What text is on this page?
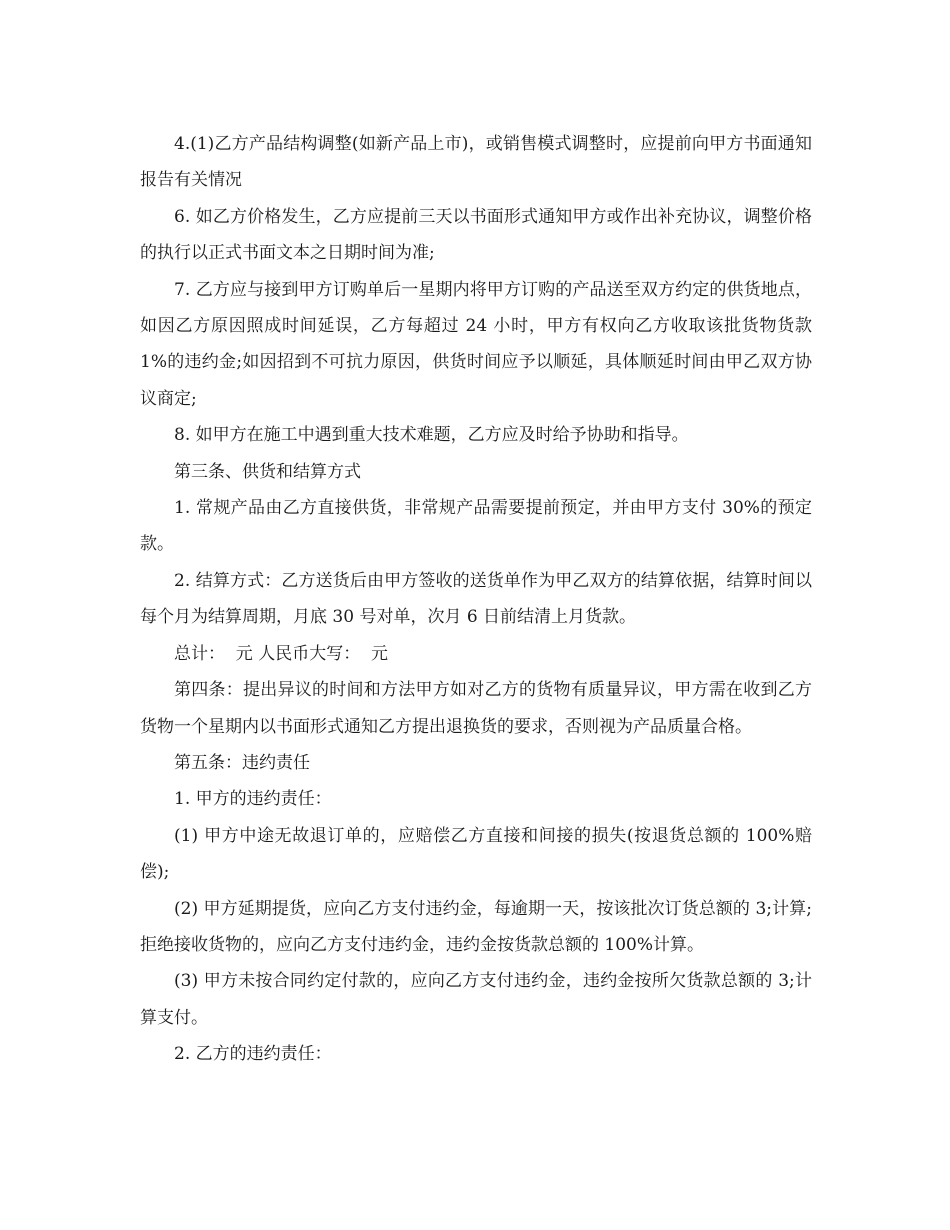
4.(1)乙方产品结构调整(如新产品上市)，或销售模式调整时，应提前向甲方书面通知报告有关情况

6. 如乙方价格发生，乙方应提前三天以书面形式通知甲方或作出补充协议，调整价格的执行以正式书面文本之日期时间为准;

7. 乙方应与接到甲方订购单后一星期内将甲方订购的产品送至双方约定的供货地点，如因乙方原因照成时间延误，乙方每超过 24 小时，甲方有权向乙方收取该批货物货款 1%的违约金;如因招到不可抗力原因，供货时间应予以顺延，具体顺延时间由甲乙双方协议商定;

8. 如甲方在施工中遇到重大技术难题，乙方应及时给予协助和指导。

第三条、供货和结算方式

1. 常规产品由乙方直接供货，非常规产品需要提前预定，并由甲方支付 30%的预定款。

2. 结算方式：乙方送货后由甲方签收的送货单作为甲乙双方的结算依据，结算时间以每个月为结算周期，月底 30 号对单，次月 6 日前结清上月货款。

总计：  元 人民币大写：  元

第四条：提出异议的时间和方法甲方如对乙方的货物有质量异议，甲方需在收到乙方货物一个星期内以书面形式通知乙方提出退换货的要求，否则视为产品质量合格。

第五条：违约责任

1. 甲方的违约责任：

(1) 甲方中途无故退订单的，应赔偿乙方直接和间接的损失(按退货总额的 100%赔偿);

(2) 甲方延期提货，应向乙方支付违约金，每逾期一天，按该批次订货总额的 3;计算;拒绝接收货物的，应向乙方支付违约金，违约金按货款总额的 100%计算。

(3) 甲方未按合同约定付款的，应向乙方支付违约金，违约金按所欠货款总额的 3;计算支付。

2. 乙方的违约责任：
